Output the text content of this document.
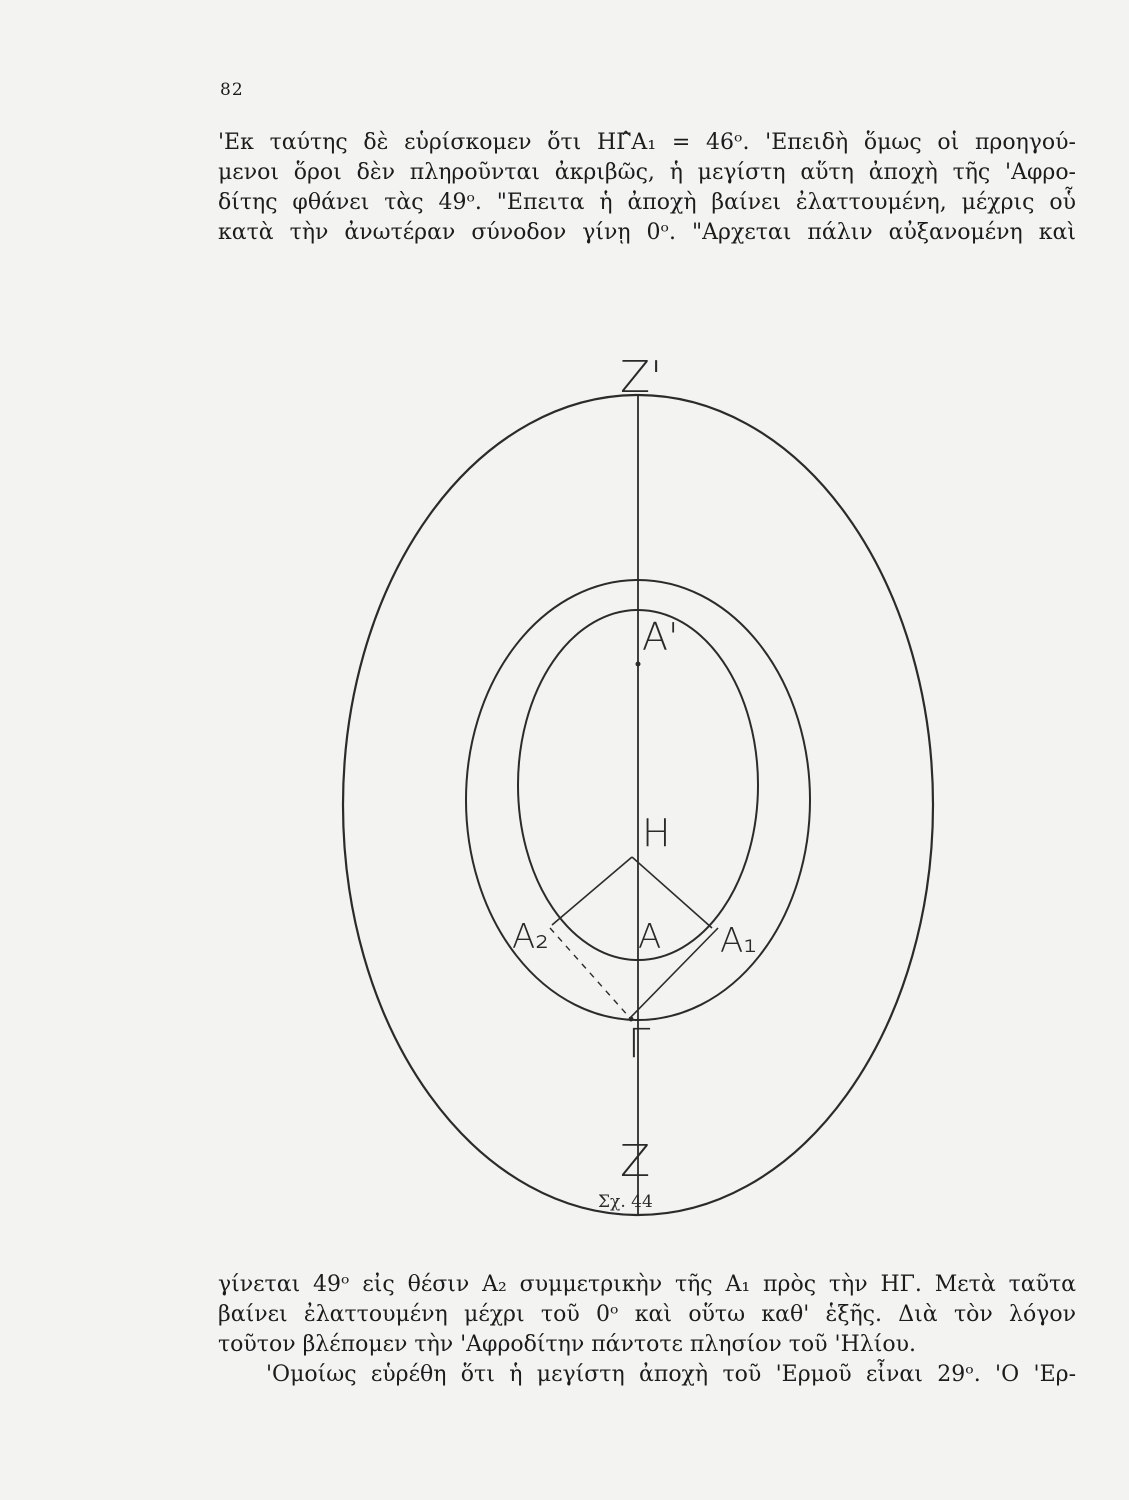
82
'Εκ ταύτης δὲ εὑρίσκομεν ὅτι ΗΓ̂Α₁ = 46ᵒ. 'Επειδὴ ὅμως οἱ προηγού-
μενοι ὅροι δὲν πληροῦνται ἀκριβῶς, ἡ μεγίστη αὕτη ἀποχὴ τῆς 'Αφρο-
δίτης φθάνει τὰς 49ᵒ. "Επειτα ἡ ἀποχὴ βαίνει ἐλαττουμένη, μέχρις οὗ
κατὰ τὴν ἀνωτέραν σύνοδον γίνῃ 0ᵒ. "Αρχεται πάλιν αὐξανομένη καὶ
Z'
A'
H
A₂	A A₁
Γ
Z
Σχ. 44
γίνεται 49ᵒ εἰς θέσιν Α₂ συμμετρικὴν τῆς Α₁ πρὸς τὴν ΗΓ. Μετὰ ταῦτα
βαίνει ἐλαττουμένη μέχρι τοῦ 0ᵒ καὶ οὕτω καθ' ἑξῆς. Διὰ τὸν λόγον
τοῦτον βλέπομεν τὴν 'Αφροδίτην πάντοτε πλησίον τοῦ 'Ηλίου.
'Ομοίως εὑρέθη ὅτι ἡ μεγίστη ἀποχὴ τοῦ 'Ερμοῦ εἶναι 29ᵒ. 'Ο 'Ερ-
